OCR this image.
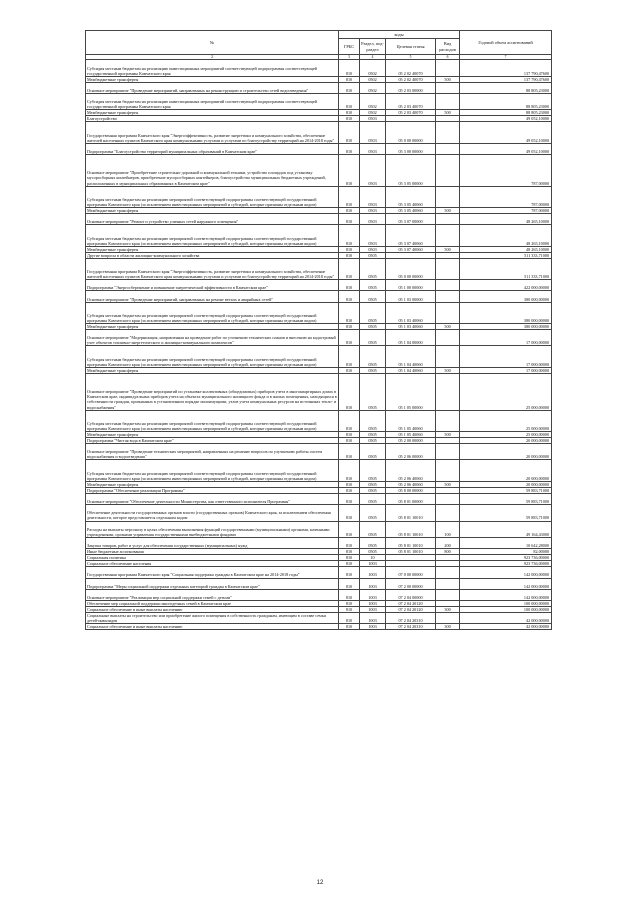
№	коды				Годовой объем ассигнований
	ГРБС	Раздел, под-раздел	Целевая статья	Вид расходов	
2	3	4	5	6	7
Субсидия местным бюджетам на реализацию инвестиционных мероприятий соответствующей подпрограммы соответствующей государственной программы Камчатского края	810	0502	05 2 02 40070		137 790,47600
Межбюджетные трансферты	810	0502	05 2 02 40070	500	137 790,47600
Основное мероприятие "Проведение мероприятий, направленных на реконструкцию и строительство сетей водоотведения"	810	0502	05 2 03 00000		88 805,23000
Субсидия местным бюджетам на реализацию инвестиционных мероприятий соответствующей подпрограммы соответствующей государственной программы Камчатского края	810	0502	05 2 03 40070		88 805,23000
Межбюджетные трансферты	810	0502	05 2 03 40070	500	88 805,23000
Благоустройство	810	0503			49 052,10000
Государственная программа Камчатского края "Энергоэффективность, развитие энергетики и коммунального хозяйства, обеспечение жителей населенных пунктов Камчатского края коммунальными услугами и услугами по благоустройству территорий на 2014-2018 годы"	810	0503	05 0 00 00000		49 052,10000
Подпрограмма "Благоустройство территорий муниципальных образований в Камчатском крае"	810	0503	05 3 00 00000		49 052,10000
Основное мероприятие "Приобретение строительно-дорожной и коммунальной техники, устройство площадок под установку мусоросборных контейнеров, приобретение мусоросборных контейнеров, благоустройство муниципальных бюджетных учреждений, расположенных в муниципальных образованиях в Камчатском крае"	810	0503	05 3 05 00000		787,00000
Субсидия местным бюджетам на реализацию мероприятий соответствующей подпрограммы соответствующей государственной программы Камчатского края (за исключением инвестиционных мероприятий и субсидий, которые признаны отдельным кодом)	810	0503	05 3 05 40060		787,00000
Межбюджетные трансферты	810	0503	05 3 05 40060	500	787,00000
Основное мероприятие "Ремонт и устройство уличных сетей наружного освещения"	810	0503	05 3 07 00000		48 265,10000
Субсидия местным бюджетам на реализацию мероприятий соответствующей подпрограммы соответствующей государственной программы Камчатского края (за исключением инвестиционных мероприятий и субсидий, которые признаны отдельным кодом)	810	0503	05 3 07 40060		48 265,10000
Межбюджетные трансферты	810	0503	05 3 07 40060	500	48 265,10000
Другие вопросы в области жилищно-коммунального хозяйства	810	0505			511 333,71000
Государственная программа Камчатского края "Энергоэффективность, развитие энергетики и коммунального хозяйства, обеспечение жителей населенных пунктов Камчатского края коммунальными услугами и услугами по благоустройству территорий на 2014-2018 годы"	810	0505	05 0 00 00000		511 333,71000
Подпрограмма "Энергосбережение и повышение энергетической эффективности в Камчатском крае"	810	0505	05 1 00 00000		422 000,00000
Основное мероприятие "Проведение мероприятий, направленных на ремонт ветхих и аварийных сетей"	810	0505	05 1 03 00000		380 000,00000
Субсидия местным бюджетам на реализацию мероприятий соответствующей подпрограммы соответствующей государственной программы Камчатского края (за исключением инвестиционных мероприятий и субсидий, которые признаны отдельным кодом)	810	0505	05 1 03 40060		380 000,00000
Межбюджетные трансферты	810	0505	05 1 03 40060	500	380 000,00000
Основное мероприятие "Модернизация, направленная на проведение работ по уточнению технических планов и внесению на кадастровый учет объектов топливно-энергетического и жилищно-коммунального комплексов"	810	0505	05 1 04 00000		17 000,00000
Субсидия местным бюджетам на реализацию мероприятий соответствующей подпрограммы соответствующей государственной программы Камчатского края (за исключением инвестиционных мероприятий и субсидий, которые признаны отдельным кодом)	810	0505	05 1 04 40060		17 000,00000
Межбюджетные трансферты	810	0505	05 1 04 40060	500	17 000,00000
Основное мероприятие "Проведение мероприятий по установке коллективных (общедомовых) приборов учета в многоквартирных домах в Камчатском крае, индивидуальных приборов учета на объектах муниципального жилищного фонда и в жилых помещениях, находящихся в собственности граждан, признанных в установленном порядке малоимущими, узлов учета коммунальных ресурсов на источниках тепло- и водоснабжения"	810	0505	05 1 05 00000		25 000,00000
Субсидия местным бюджетам на реализацию мероприятий соответствующей подпрограммы соответствующей государственной программы Камчатского края (за исключением инвестиционных мероприятий и субсидий, которые признаны отдельным кодом)	810	0505	05 1 05 40060		25 000,00000
Межбюджетные трансферты	810	0505	05 1 05 40060	500	25 000,00000
Подпрограмма "Чистая вода в Камчатском крае"	810	0505	05 2 00 00000		20 000,00000
Основное мероприятие "Проведение технических мероприятий, направленных на решение вопросов по улучшению работы систем водоснабжения и водоотведения"	810	0505	05 2 06 00000		20 000,00000
Субсидия местным бюджетам на реализацию мероприятий соответствующей подпрограммы соответствующей государственной программы Камчатского края (за исключением инвестиционных мероприятий и субсидий, которые признаны отдельным кодом)	810	0505	05 2 06 40060		20 000,00000
Межбюджетные трансферты	810	0505	05 2 06 40060	500	20 000,00000
Подпрограмма "Обеспечение реализации Программы"	810	0505	05 8 00 00000		59 883,71000
Основное мероприятие "Обеспечение деятельности Министерства, как ответственного исполнителя Программы"	810	0505	05 8 01 00000		59 883,71000
Обеспечение деятельности государственных органов власти (государственных органов) Камчатского края, за исключением обеспечения деятельности, которое представляется отдельным кодом	810	0505	05 8 01 10010		59 883,71000
Расходы на выплаты персоналу в целях обеспечения выполнения функций государственными (муниципальными) органами, казенными учреждениями, органами управления государственными внебюджетными фондами	810	0505	05 8 01 10010	100	49 164,43000
Закупка товаров, работ и услуг для обеспечения государственных (муниципальных) нужд	810	0505	05 8 01 10010	200	10 642,28000
Иные бюджетные ассигнования	810	0505	05 8 01 10010	800	82,00000
Социальная политика	810	10			923 736,00000
Социальное обеспечение населения	810	1003			923 736,00000
Государственная программа Камчатского края "Социальная поддержка граждан в Камчатском крае на 2014-2018 годы"	810	1003	07 0 00 00000		142 000,00000
Подпрограмма "Меры социальной поддержки отдельных категорий граждан в Камчатском крае"	810	1003	07 2 00 00000		142 000,00000
Основное мероприятие "Реализация мер социальной поддержки семей с детьми"	810	1003	07 2 04 00000		142 000,00000
Обеспечение мер социальной поддержки многодетных семей в Камчатском крае	810	1003	07 2 04 20120		100 000,00000
Социальное обеспечение и иные выплаты населению	810	1003	07 2 04 20120	300	100 000,00000
Социальные выплаты на строительство или приобретение жилого помещения в собственность гражданам, имеющим в составе семьи детей-инвалидов	810	1003	07 2 04 20310		42 000,00000
Социальное обеспечение и иные выплаты населению	810	1003	07 2 04 20310	300	42 000,00000
12
